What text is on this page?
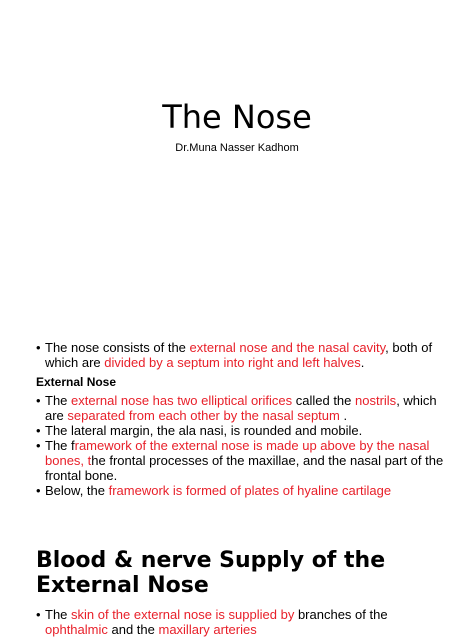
The Nose
Dr.Muna Nasser Kadhom
• The nose consists of the external nose and the nasal cavity, both of which are divided by a septum into right and left halves.
External Nose
• The external nose has two elliptical orifices called the nostrils, which are separated from each other by the nasal septum .
• The lateral margin, the ala nasi, is rounded and mobile.
• The framework of the external nose is made up above by the nasal bones, the frontal processes of the maxillae, and the nasal part of the frontal bone.
• Below, the framework is formed of plates of hyaline cartilage
Blood & nerve Supply of the External Nose
• The skin of the external nose is supplied by branches of the ophthalmic and the maxillary arteries
